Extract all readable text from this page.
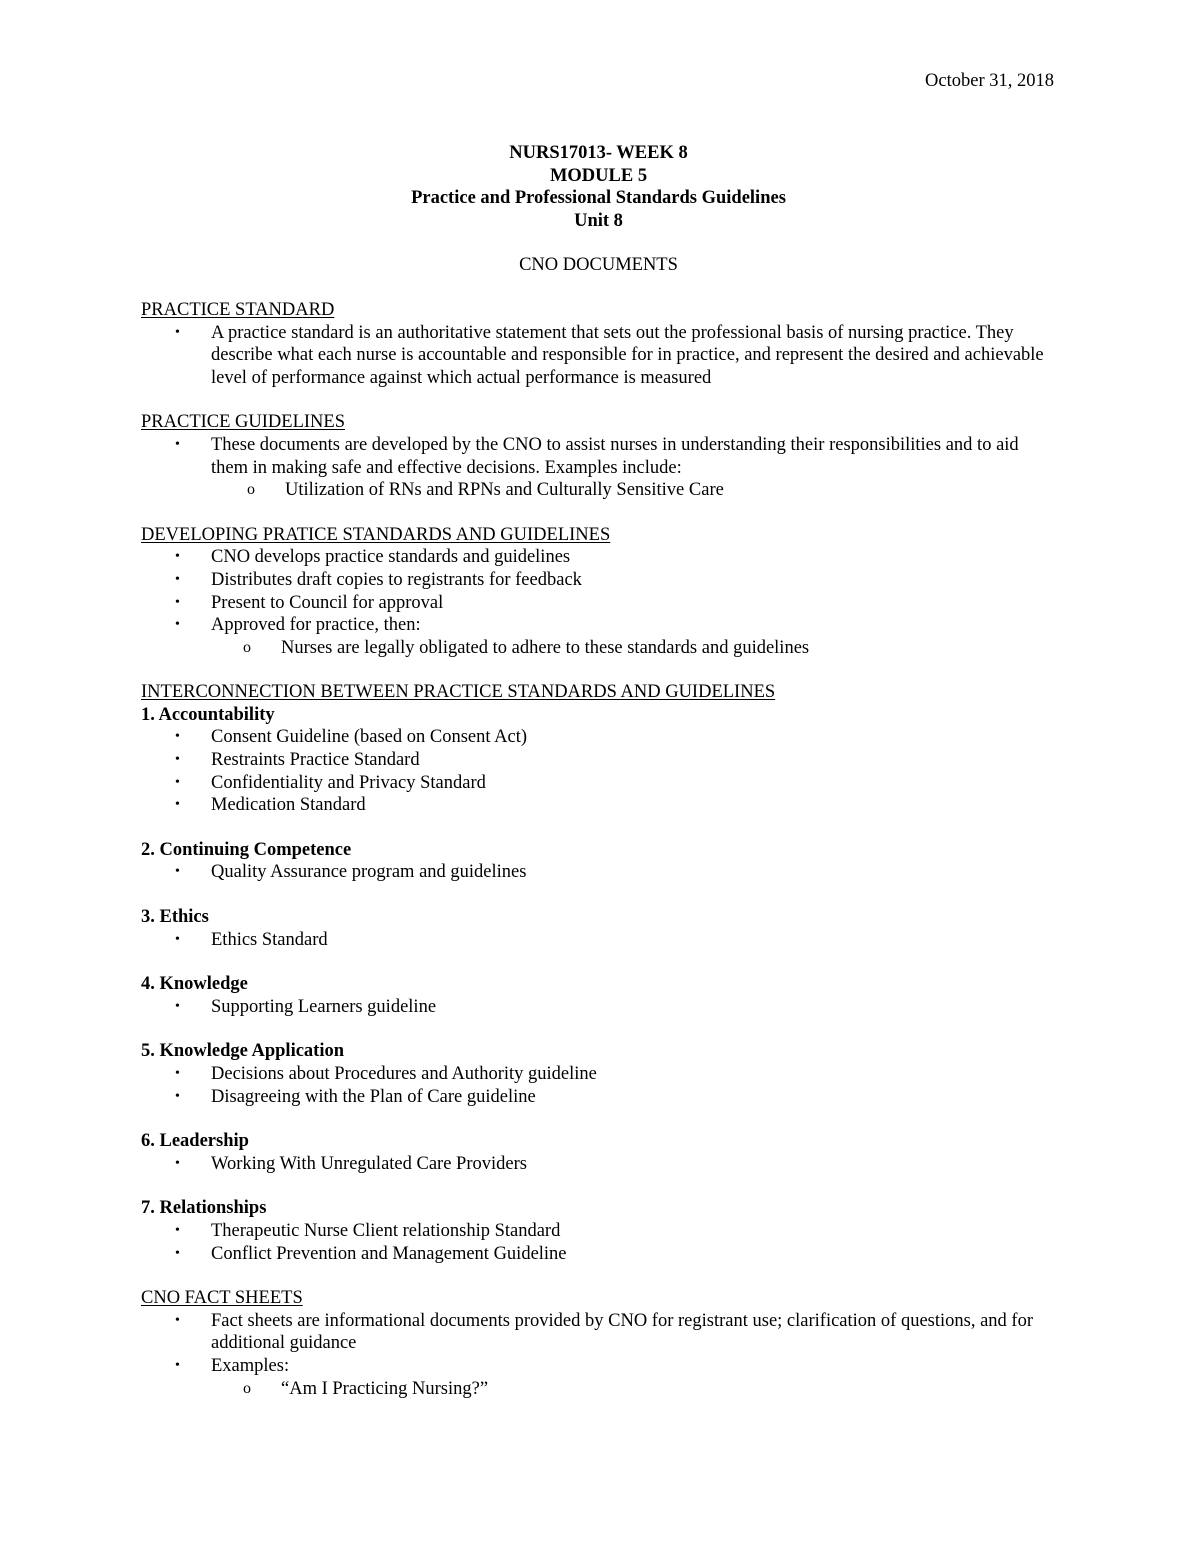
October 31, 2018

NURS17013- WEEK 8
MODULE 5
Practice and Professional Standards Guidelines
Unit 8

CNO DOCUMENTS

PRACTICE STANDARD

• A practice standard is an authoritative statement that sets out the professional basis of nursing practice. They describe what each nurse is accountable and responsible for in practice, and represent the desired and achievable level of performance against which actual performance is measured

PRACTICE GUIDELINES

• These documents are developed by the CNO to assist nurses in understanding their responsibilities and to aid them in making safe and effective decisions. Examples include:
o Utilization of RNs and RPNs and Culturally Sensitive Care

DEVELOPING PRATICE STANDARDS AND GUIDELINES

• CNO develops practice standards and guidelines
• Distributes draft copies to registrants for feedback
• Present to Council for approval
• Approved for practice, then:
o Nurses are legally obligated to adhere to these standards and guidelines

INTERCONNECTION BETWEEN PRACTICE STANDARDS AND GUIDELINES

1. Accountability

• Consent Guideline (based on Consent Act)
• Restraints Practice Standard
• Confidentiality and Privacy Standard
• Medication Standard

2. Continuing Competence

• Quality Assurance program and guidelines

3. Ethics

• Ethics Standard

4. Knowledge

• Supporting Learners guideline

5. Knowledge Application

• Decisions about Procedures and Authority guideline
• Disagreeing with the Plan of Care guideline

6. Leadership

• Working With Unregulated Care Providers

7. Relationships

• Therapeutic Nurse Client relationship Standard
• Conflict Prevention and Management Guideline

CNO FACT SHEETS

• Fact sheets are informational documents provided by CNO for registrant use; clarification of questions, and for additional guidance
• Examples:
o “Am I Practicing Nursing?”
